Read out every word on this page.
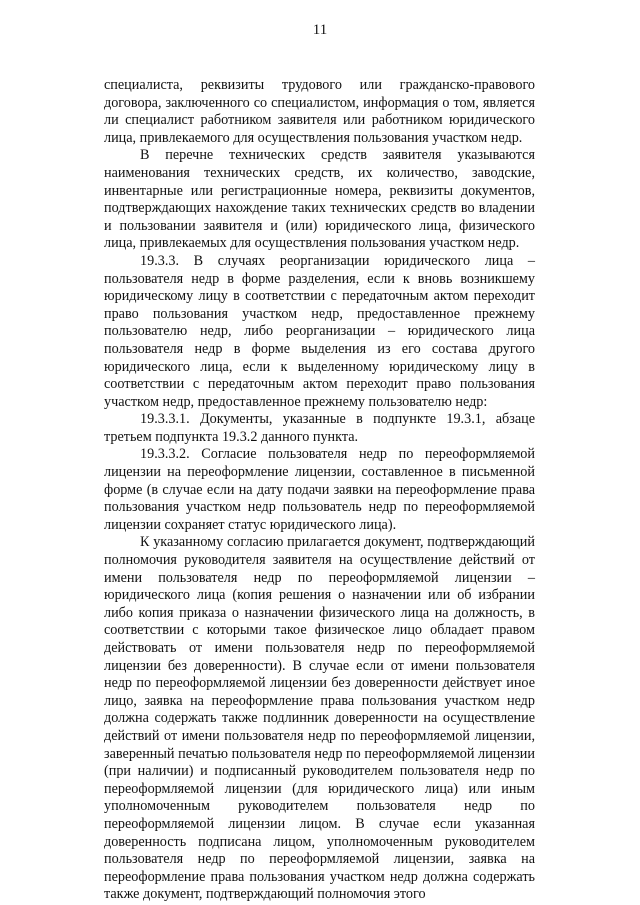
11

специалиста, реквизиты трудового или гражданско-правового договора, заключенного со специалистом, информация о том, является ли специалист работником заявителя или работником юридического лица, привлекаемого для осуществления пользования участком недр.

В перечне технических средств заявителя указываются наименования технических средств, их количество, заводские, инвентарные или регистрационные номера, реквизиты документов, подтверждающих нахождение таких технических средств во владении и пользовании заявителя и (или) юридического лица, физического лица, привлекаемых для осуществления пользования участком недр.

19.3.3. В случаях реорганизации юридического лица – пользователя недр в форме разделения, если к вновь возникшему юридическому лицу в соответствии с передаточным актом переходит право пользования участком недр, предоставленное прежнему пользователю недр, либо реорганизации – юридического лица пользователя недр в форме выделения из его состава другого юридического лица, если к выделенному юридическому лицу в соответствии с передаточным актом переходит право пользования участком недр, предоставленное прежнему пользователю недр:

19.3.3.1. Документы, указанные в подпункте 19.3.1, абзаце третьем подпункта 19.3.2 данного пункта.

19.3.3.2. Согласие пользователя недр по переоформляемой лицензии на переоформление лицензии, составленное в письменной форме (в случае если на дату подачи заявки на переоформление права пользования участком недр пользователь недр по переоформляемой лицензии сохраняет статус юридического лица).

К указанному согласию прилагается документ, подтверждающий полномочия руководителя заявителя на осуществление действий от имени пользователя недр по переоформляемой лицензии – юридического лица (копия решения о назначении или об избрании либо копия приказа о назначении физического лица на должность, в соответствии с которыми такое физическое лицо обладает правом действовать от имени пользователя недр по переоформляемой лицензии без доверенности). В случае если от имени пользователя недр по переоформляемой лицензии без доверенности действует иное лицо, заявка на переоформление права пользования участком недр должна содержать также подлинник доверенности на осуществление действий от имени пользователя недр по переоформляемой лицензии, заверенный печатью пользователя недр по переоформляемой лицензии (при наличии) и подписанный руководителем пользователя недр по переоформляемой лицензии (для юридического лица) или иным уполномоченным руководителем пользователя недр по переоформляемой лицензии лицом. В случае если указанная доверенность подписана лицом, уполномоченным руководителем пользователя недр по переоформляемой лицензии, заявка на переоформление права пользования участком недр должна содержать также документ, подтверждающий полномочия этого
